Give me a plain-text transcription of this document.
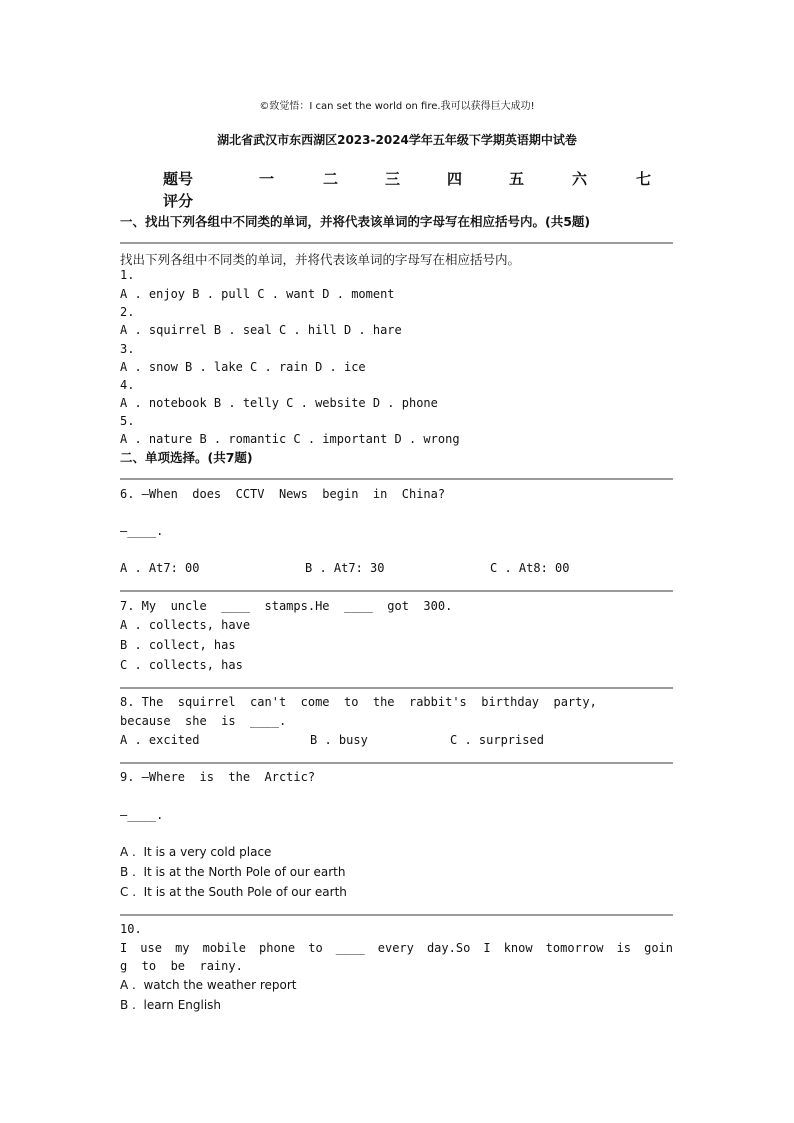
©致觉悟：I can set the world on fire.我可以获得巨大成功!
湖北省武汉市东西湖区2023-2024学年五年级下学期英语期中试卷
题号	一	二	三	四	五	六	七
评分
一、找出下列各组中不同类的单词，并将代表该单词的字母写在相应括号内。(共5题)
找出下列各组中不同类的单词，并将代表该单词的字母写在相应括号内。
1.
A . enjoy B . pull C . want D . moment
2.
A . squirrel B . seal C . hill D . hare
3.
A . snow B . lake C . rain D . ice
4.
A . notebook B . telly C . website D . phone
5.
A . nature B . romantic C . important D . wrong
二、单项选择。(共7题)
6. —When  does  CCTV  News  begin  in  China?
—____.
A . At7: 00	B . At7: 30	C . At8: 00
7. My  uncle  ____  stamps.He  ____  got  300.
A . collects, have
B . collect, has
C . collects, has
8. The  squirrel  can't  come  to  the  rabbit's  birthday  party,
because  she  is  ____.
A . excited	B . busy	C . surprised
9. —Where  is  the  Arctic?
—____.
A .  It is a very cold place
B .  It is at the North Pole of our earth
C .  It is at the South Pole of our earth
10.
I use my mobile phone to ____ every day.So I know tomorrow is goin
g  to  be  rainy.
A .  watch the weather report
B .  learn English
